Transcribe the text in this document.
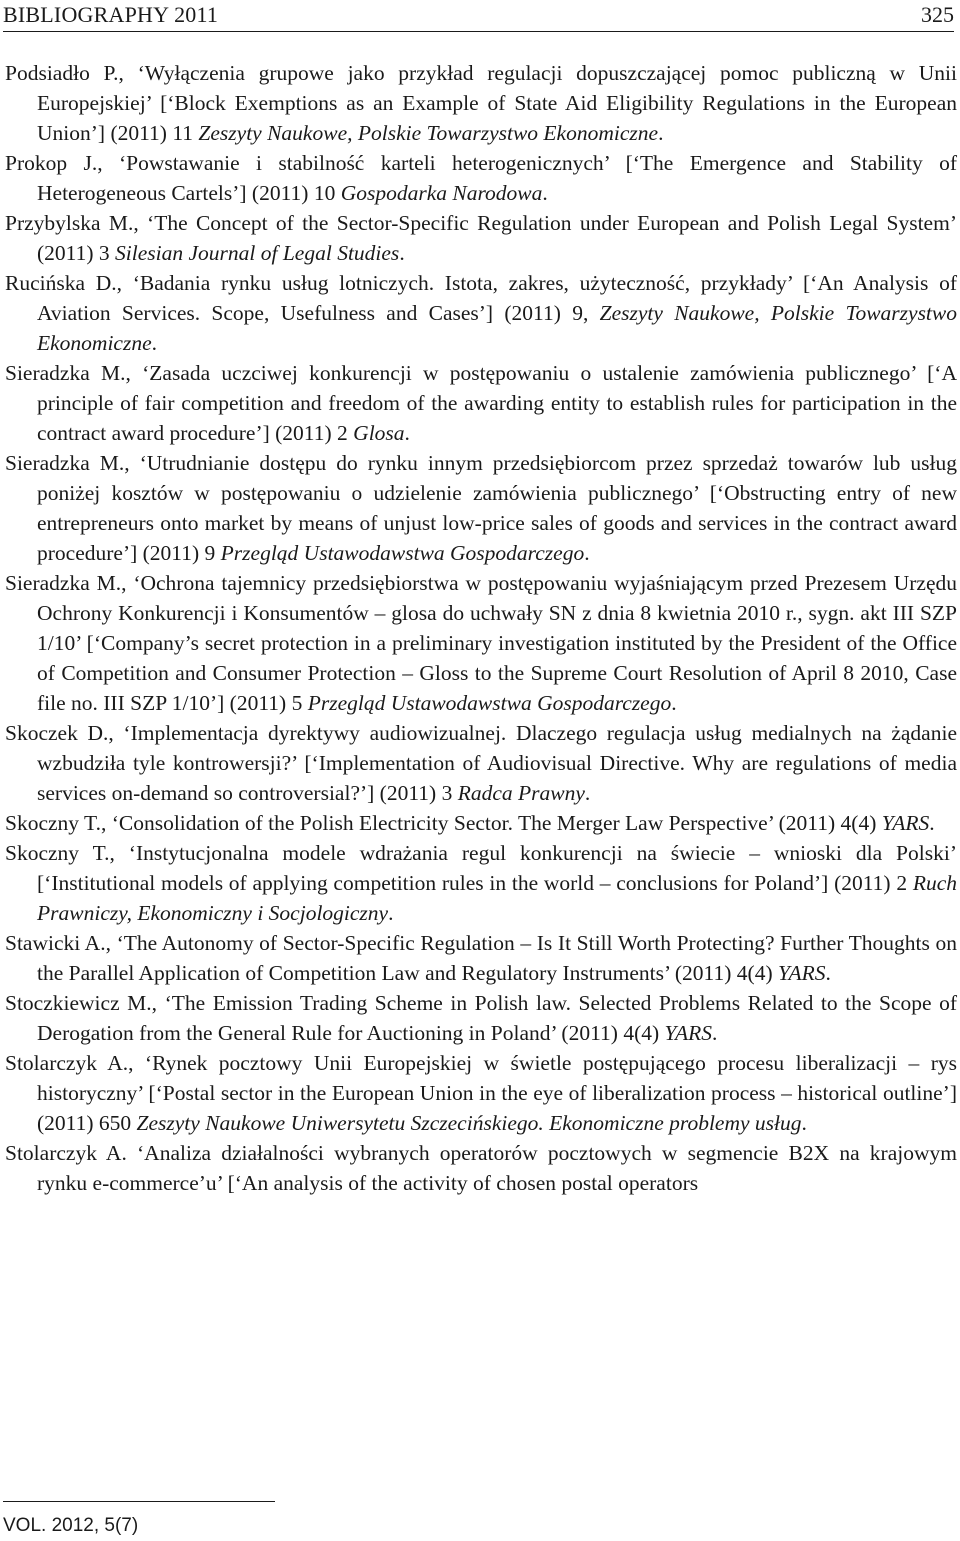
BIBLIOGRAPHY 2011	325

Podsiadło P., ‘Wyłączenia grupowe jako przykład regulacji dopuszczającej pomoc publiczną w Unii Europejskiej’ [‘Block Exemptions as an Example of State Aid Eligibility Regulations in the European Union’] (2011) 11 Zeszyty Naukowe, Polskie Towarzystwo Ekonomiczne.

Prokop J., ‘Powstawanie i stabilność karteli heterogenicznych’ [‘The Emergence and Stability of Heterogeneous Cartels’] (2011) 10 Gospodarka Narodowa.

Przybylska M., ‘The Concept of the Sector-Specific Regulation under European and Polish Legal System’ (2011) 3 Silesian Journal of Legal Studies.

Rucińska D., ‘Badania rynku usług lotniczych. Istota, zakres, użyteczność, przykłady’ [‘An Analysis of Aviation Services. Scope, Usefulness and Cases’] (2011) 9, Zeszyty Naukowe, Polskie Towarzystwo Ekonomiczne.

Sieradzka M., ‘Zasada uczciwej konkurencji w postępowaniu o ustalenie zamówienia publicznego’ [‘A principle of fair competition and freedom of the awarding entity to establish rules for participation in the contract award procedure’] (2011) 2 Glosa.

Sieradzka M., ‘Utrudnianie dostępu do rynku innym przedsiębiorcom przez sprzedaż towarów lub usług poniżej kosztów w postępowaniu o udzielenie zamówienia publicznego’ [‘Obstructing entry of new entrepreneurs onto market by means of unjust low-price sales of goods and services in the contract award procedure’] (2011) 9 Przegląd Ustawodawstwa Gospodarczego.

Sieradzka M., ‘Ochrona tajemnicy przedsiębiorstwa w postępowaniu wyjaśniającym przed Prezesem Urzędu Ochrony Konkurencji i Konsumentów – glosa do uchwały SN z dnia 8 kwietnia 2010 r., sygn. akt III SZP 1/10’ [‘Company’s secret protection in a preliminary investigation instituted by the President of the Office of Competition and Consumer Protection – Gloss to the Supreme Court Resolution of April 8 2010, Case file no. III SZP 1/10’] (2011) 5 Przegląd Ustawodawstwa Gospodarczego.

Skoczek D., ‘Implementacja dyrektywy audiowizualnej. Dlaczego regulacja usług medialnych na żądanie wzbudziła tyle kontrowersji?’ [‘Implementation of Audiovisual Directive. Why are regulations of media services on-demand so controversial?’] (2011) 3 Radca Prawny.

Skoczny T., ‘Consolidation of the Polish Electricity Sector. The Merger Law Perspective’ (2011) 4(4) YARS.

Skoczny T., ‘Instytucjonalna modele wdrażania regul konkurencji na świecie – wnioski dla Polski’ [‘Institutional models of applying competition rules in the world – conclusions for Poland’] (2011) 2 Ruch Prawniczy, Ekonomiczny i Socjologiczny.

Stawicki A., ‘The Autonomy of Sector-Specific Regulation – Is It Still Worth Protecting? Further Thoughts on the Parallel Application of Competition Law and Regulatory Instruments’ (2011) 4(4) YARS.

Stoczkiewicz M., ‘The Emission Trading Scheme in Polish law. Selected Problems Related to the Scope of Derogation from the General Rule for Auctioning in Poland’ (2011) 4(4) YARS.

Stolarczyk A., ‘Rynek pocztowy Unii Europejskiej w świetle postępującego procesu liberalizacji – rys historyczny’ [‘Postal sector in the European Union in the eye of liberalization process – historical outline’] (2011) 650 Zeszyty Naukowe Uniwersytetu Szczecińskiego. Ekonomiczne problemy usług.

Stolarczyk A. ‘Analiza działalności wybranych operatorów pocztowych w segmencie B2X na krajowym rynku e-commerce’u’ [‘An analysis of the activity of chosen postal operators

VOL. 2012, 5(7)
